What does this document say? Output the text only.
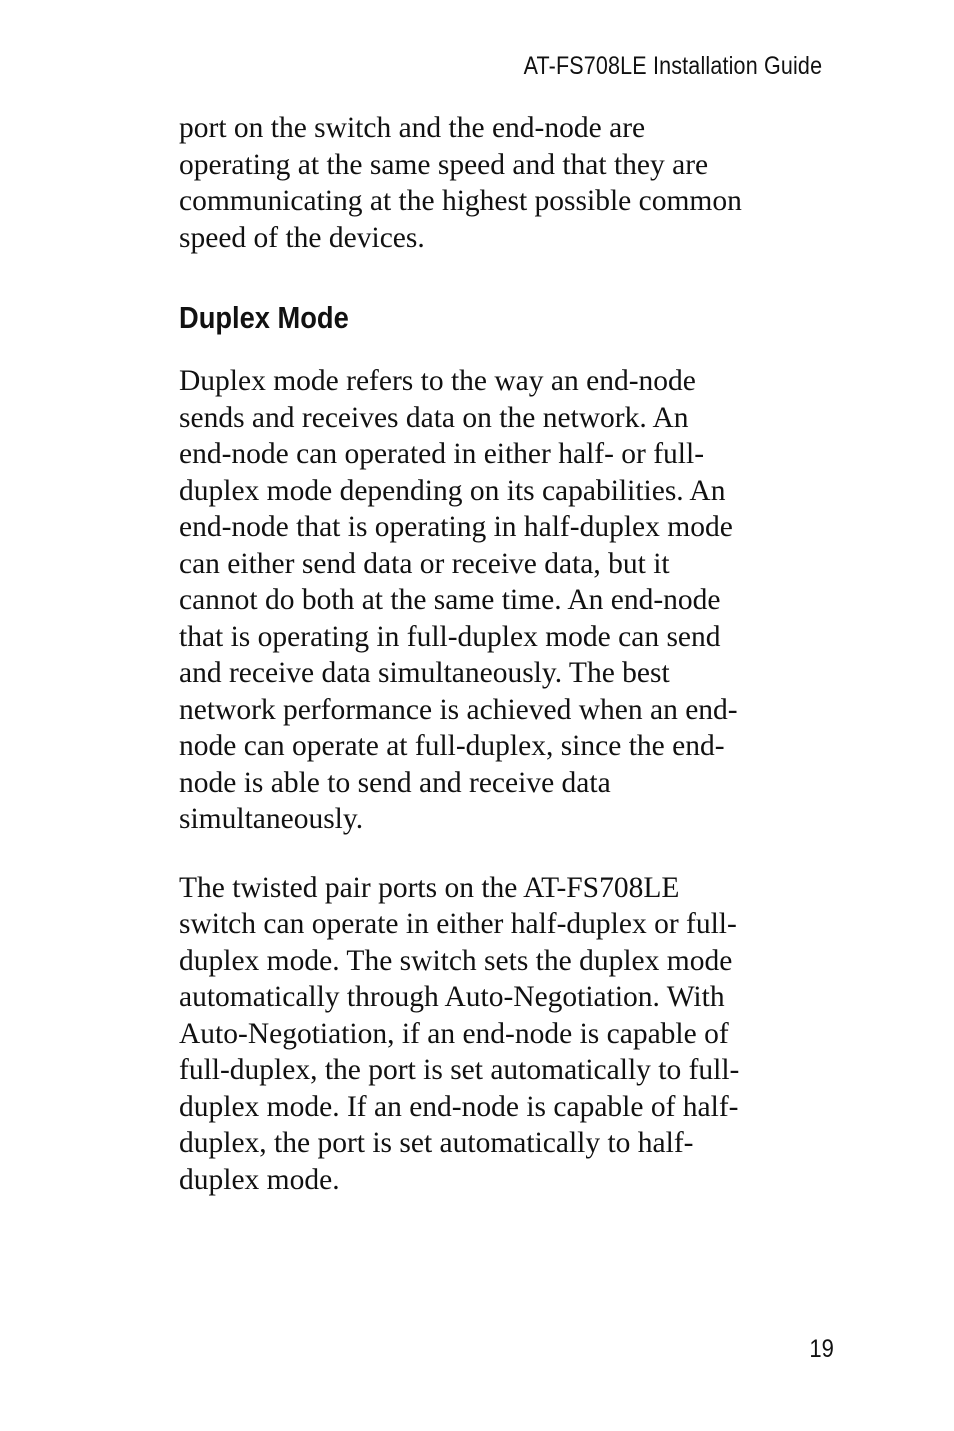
AT-FS708LE Installation Guide

port on the switch and the end-node are
operating at the same speed and that they are
communicating at the highest possible common
speed of the devices.

Duplex Mode

Duplex mode refers to the way an end-node
sends and receives data on the network. An
end-node can operated in either half- or full-
duplex mode depending on its capabilities. An
end-node that is operating in half-duplex mode
can either send data or receive data, but it
cannot do both at the same time. An end-node
that is operating in full-duplex mode can send
and receive data simultaneously. The best
network performance is achieved when an end-
node can operate at full-duplex, since the end-
node is able to send and receive data
simultaneously.

The twisted pair ports on the AT-FS708LE
switch can operate in either half-duplex or full-
duplex mode. The switch sets the duplex mode
automatically through Auto-Negotiation. With
Auto-Negotiation, if an end-node is capable of
full-duplex, the port is set automatically to full-
duplex mode. If an end-node is capable of half-
duplex, the port is set automatically to half-
duplex mode.

19
